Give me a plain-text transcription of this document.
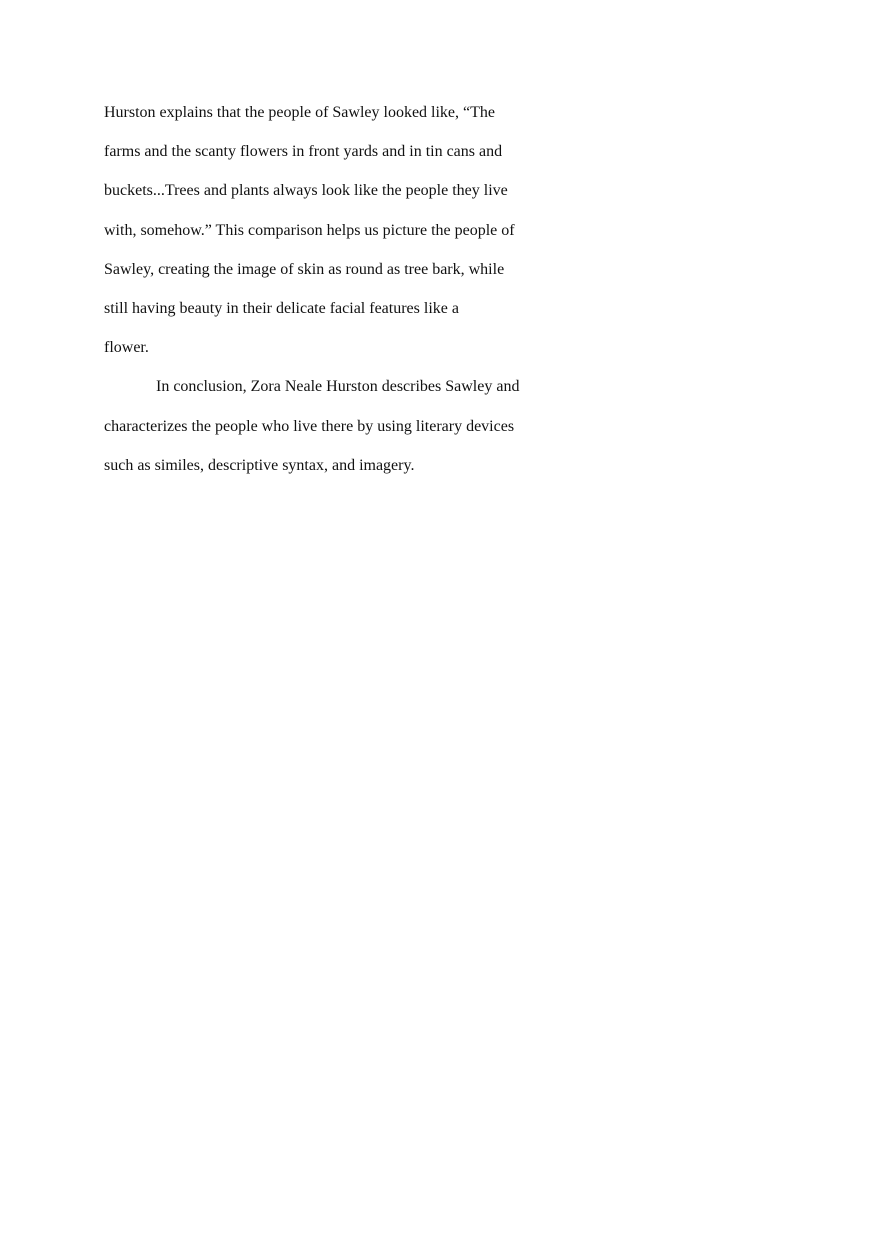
Hurston explains that the people of Sawley looked like, “The
farms and the scanty flowers in front yards and in tin cans and
buckets...Trees and plants always look like the people they live
with, somehow.” This comparison helps us picture the people of
Sawley, creating the image of skin as round as tree bark, while
still having beauty in their delicate facial features like a
flower.
In conclusion, Zora Neale Hurston describes Sawley and
characterizes the people who live there by using literary devices
such as similes, descriptive syntax, and imagery.
